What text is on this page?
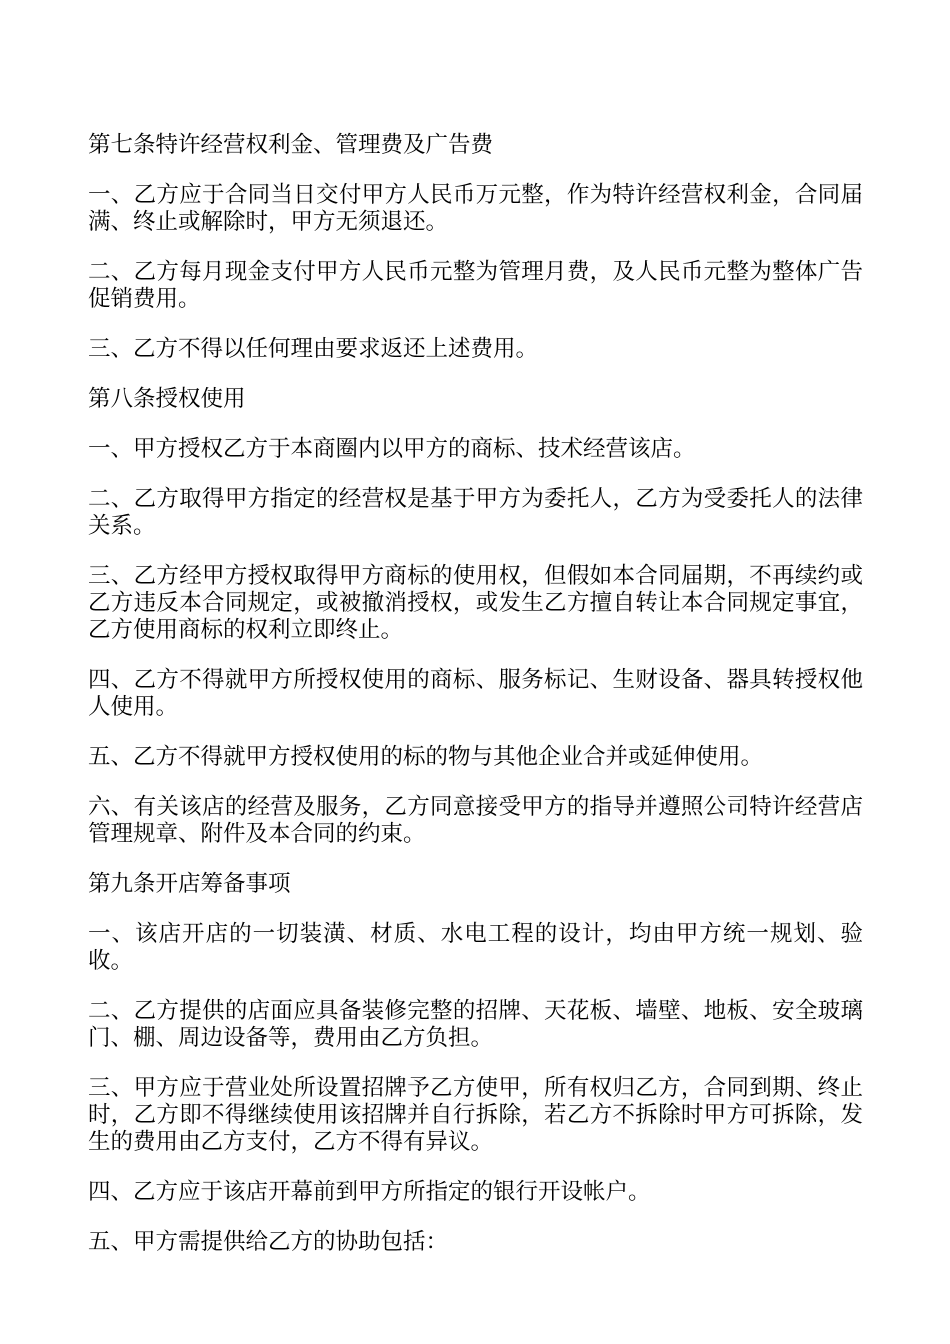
第七条特许经营权利金、管理费及广告费

一、乙方应于合同当日交付甲方人民币万元整，作为特许经营权利金，合同届满、终止或解除时，甲方无须退还。

二、乙方每月现金支付甲方人民币元整为管理月费，及人民币元整为整体广告促销费用。

三、乙方不得以任何理由要求返还上述费用。

第八条授权使用

一、甲方授权乙方于本商圈内以甲方的商标、技术经营该店。

二、乙方取得甲方指定的经营权是基于甲方为委托人，乙方为受委托人的法律关系。

三、乙方经甲方授权取得甲方商标的使用权，但假如本合同届期，不再续约或乙方违反本合同规定，或被撤消授权，或发生乙方擅自转让本合同规定事宜，乙方使用商标的权利立即终止。

四、乙方不得就甲方所授权使用的商标、服务标记、生财设备、器具转授权他人使用。

五、乙方不得就甲方授权使用的标的物与其他企业合并或延伸使用。

六、有关该店的经营及服务，乙方同意接受甲方的指导并遵照公司特许经营店管理规章、附件及本合同的约束。

第九条开店筹备事项

一、该店开店的一切装潢、材质、水电工程的设计，均由甲方统一规划、验收。

二、乙方提供的店面应具备装修完整的招牌、天花板、墙壁、地板、安全玻璃门、棚、周边设备等，费用由乙方负担。

三、甲方应于营业处所设置招牌予乙方使甲，所有权归乙方，合同到期、终止时，乙方即不得继续使用该招牌并自行拆除，若乙方不拆除时甲方可拆除，发生的费用由乙方支付，乙方不得有异议。

四、乙方应于该店开幕前到甲方所指定的银行开设帐户。

五、甲方需提供给乙方的协助包括：
